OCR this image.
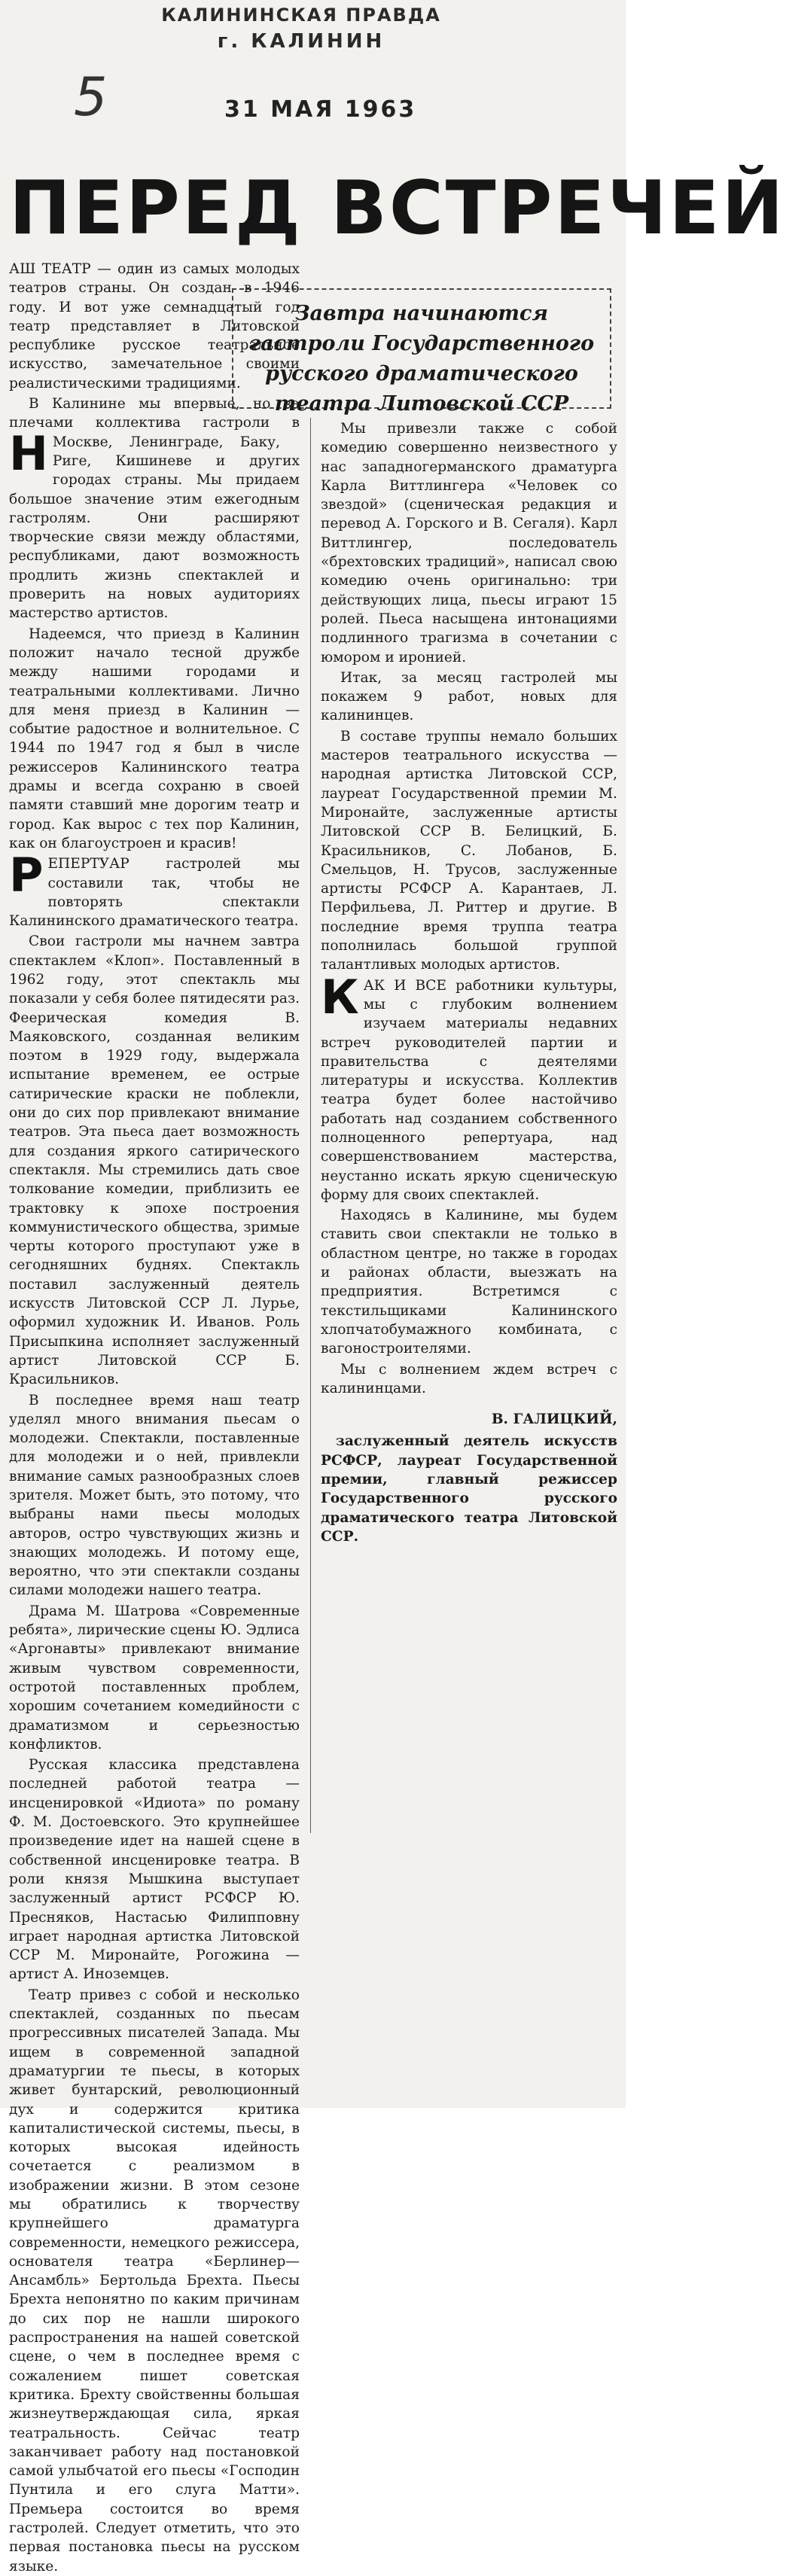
КАЛИНИНСКАЯ ПРАВДА
г. КАЛИНИН
5	31 МАЯ 1963
ПЕРЕД ВСТРЕЧЕЙ
Завтра начинаются гастроли Государственного русского драматического театра Литовской ССР

Н
АШ ТЕАТР — один из самых молодых театров страны. Он создан в 1946 году. И вот уже семнадцатый год театр представляет в Литовской республике русское театральное искусство, замечательное своими реалистическими традициями.

В Калинине мы впервые, но за плечами коллектива гастроли в Москве, Ленинграде, Баку, Риге, Кишиневе и других городах страны. Мы придаем большое значение этим ежегодным гастролям. Они расширяют творческие связи между областями, республиками, дают возможность продлить жизнь спектаклей и проверить на новых аудиториях мастерство артистов.

Надеемся, что приезд в Калинин положит начало тесной дружбе между нашими городами и театральными коллективами. Лично для меня приезд в Калинин — событие радостное и волнительное. С 1944 по 1947 год я был в числе режиссеров Калининского театра драмы и всегда сохраню в своей памяти ставший мне дорогим театр и город. Как вырос с тех пор Калинин, как он благоустроен и красив!

РЕПЕРТУАР гастролей мы составили так, чтобы не повторять спектакли Калининского драматического театра.

Свои гастроли мы начнем завтра спектаклем «Клоп». Поставленный в 1962 году, этот спектакль мы показали у себя более пятидесяти раз. Феерическая комедия В. Маяковского, созданная великим поэтом в 1929 году, выдержала испытание временем, ее острые сатирические краски не поблекли, они до сих пор привлекают внимание театров. Эта пьеса дает возможность для создания яркого сатирического спектакля. Мы стремились дать свое толкование комедии, приблизить ее трактовку к эпохе построения коммунистического общества, зримые черты которого проступают уже в сегодняшних буднях. Спектакль поставил заслуженный деятель искусств Литовской ССР Л. Лурье, оформил художник И. Иванов. Роль Присыпкина исполняет заслуженный артист Литовской ССР Б. Красильников.

В последнее время наш театр уделял много внимания пьесам о молодежи. Спектакли, поставленные для молодежи и о ней, привлекли внимание самых разнообразных слоев зрителя. Может быть, это потому, что выбраны нами пьесы молодых авторов, остро чувствующих жизнь и знающих молодежь. И потому еще, вероятно, что эти спектакли созданы силами молодежи нашего театра.

Драма М. Шатрова «Современные ребята», лирические сцены Ю. Эдлиса «Аргонавты» привлекают внимание живым чувством современности, остротой поставленных проблем, хорошим сочетанием комедийности с драматизмом и серьезностью конфликтов.

Русская классика представлена последней работой театра — инсценировкой «Идиота» по роману Ф. М. Достоевского. Это крупнейшее произведение идет на нашей сцене в собственной инсценировке театра. В роли князя Мышкина выступает заслуженный артист РСФСР Ю. Пресняков, Настасью Филипповну играет народная артистка Литовской ССР М. Миронайте, Рогожина — артист А. Иноземцев.

Театр привез с собой и несколько спектаклей, созданных по пьесам прогрессивных писателей Запада. Мы ищем в современной западной драматургии те пьесы, в которых живет бунтарский, революционный дух и содержится критика капиталистической системы, пьесы, в которых высокая идейность сочетается с реализмом в изображении жизни. В этом сезоне мы обратились к творчеству крупнейшего драматурга современности, немецкого режиссера, основателя театра «Берлинер—Ансамбль» Бертольда Брехта. Пьесы Брехта непонятно по каким причинам до сих пор не нашли широкого распространения на нашей советской сцене, о чем в последнее время с сожалением пишет советская критика. Брехту свойственны большая жизнеутверждающая сила, яркая театральность. Сейчас театр заканчивает работу над постановкой самой улыбчатой его пьесы «Господин Пунтила и его слуга Матти». Премьера состоится во время гастролей. Следует отметить, что это первая постановка пьесы на русском языке.

Мы привезли также с собой комедию совершенно неизвестного у нас западногерманского драматурга Карла Виттлингера «Человек со звездой» (сценическая редакция и перевод А. Горского и В. Сегаля). Карл Виттлингер, последователь «брехтовских традиций», написал свою комедию очень оригинально: три действующих лица, пьесы играют 15 ролей. Пьеса насыщена интонациями подлинного трагизма в сочетании с юмором и иронией.

Итак, за месяц гастролей мы покажем 9 работ, новых для калининцев.

В составе труппы немало больших мастеров театрального искусства — народная артистка Литовской ССР, лауреат Государственной премии М. Миронайте, заслуженные артисты Литовской ССР В. Белицкий, Б. Красильников, С. Лобанов, Б. Смельцов, Н. Трусов, заслуженные артисты РСФСР А. Карантаев, Л. Перфильева, Л. Риттер и другие. В последние время труппа театра пополнилась большой группой талантливых молодых артистов.

КАК И ВСЕ работники культуры, мы с глубоким волнением изучаем материалы недавних встреч руководителей партии и правительства с деятелями литературы и искусства. Коллектив театра будет более настойчиво работать над созданием собственного полноценного репертуара, над совершенствованием мастерства, неустанно искать яркую сценическую форму для своих спектаклей.

Находясь в Калинине, мы будем ставить свои спектакли не только в областном центре, но также в городах и районах области, выезжать на предприятия. Встретимся с текстильщиками Калининского хлопчатобумажного комбината, с вагоностроителями.

Мы с волнением ждем встреч с калининцами.

В. ГАЛИЦКИЙ,
заслуженный деятель искусств РСФСР, лауреат Государственной премии, главный режиссер Государственного русского драматического театра Литовской ССР.
